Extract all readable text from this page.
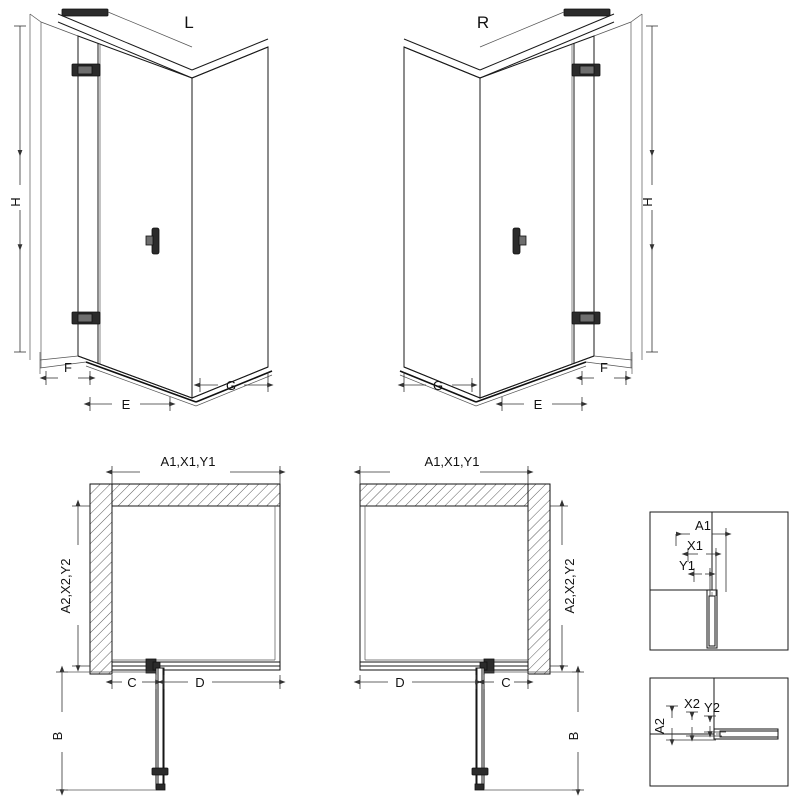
L
H
F
E
G
R
H
F
E
G
A1,X1,Y1
A2,X2,Y2
B
C	D
A1,X1,Y1
A2,X2,Y2
B
C
D
A1
X1
Y1
A2
X2 Y2
